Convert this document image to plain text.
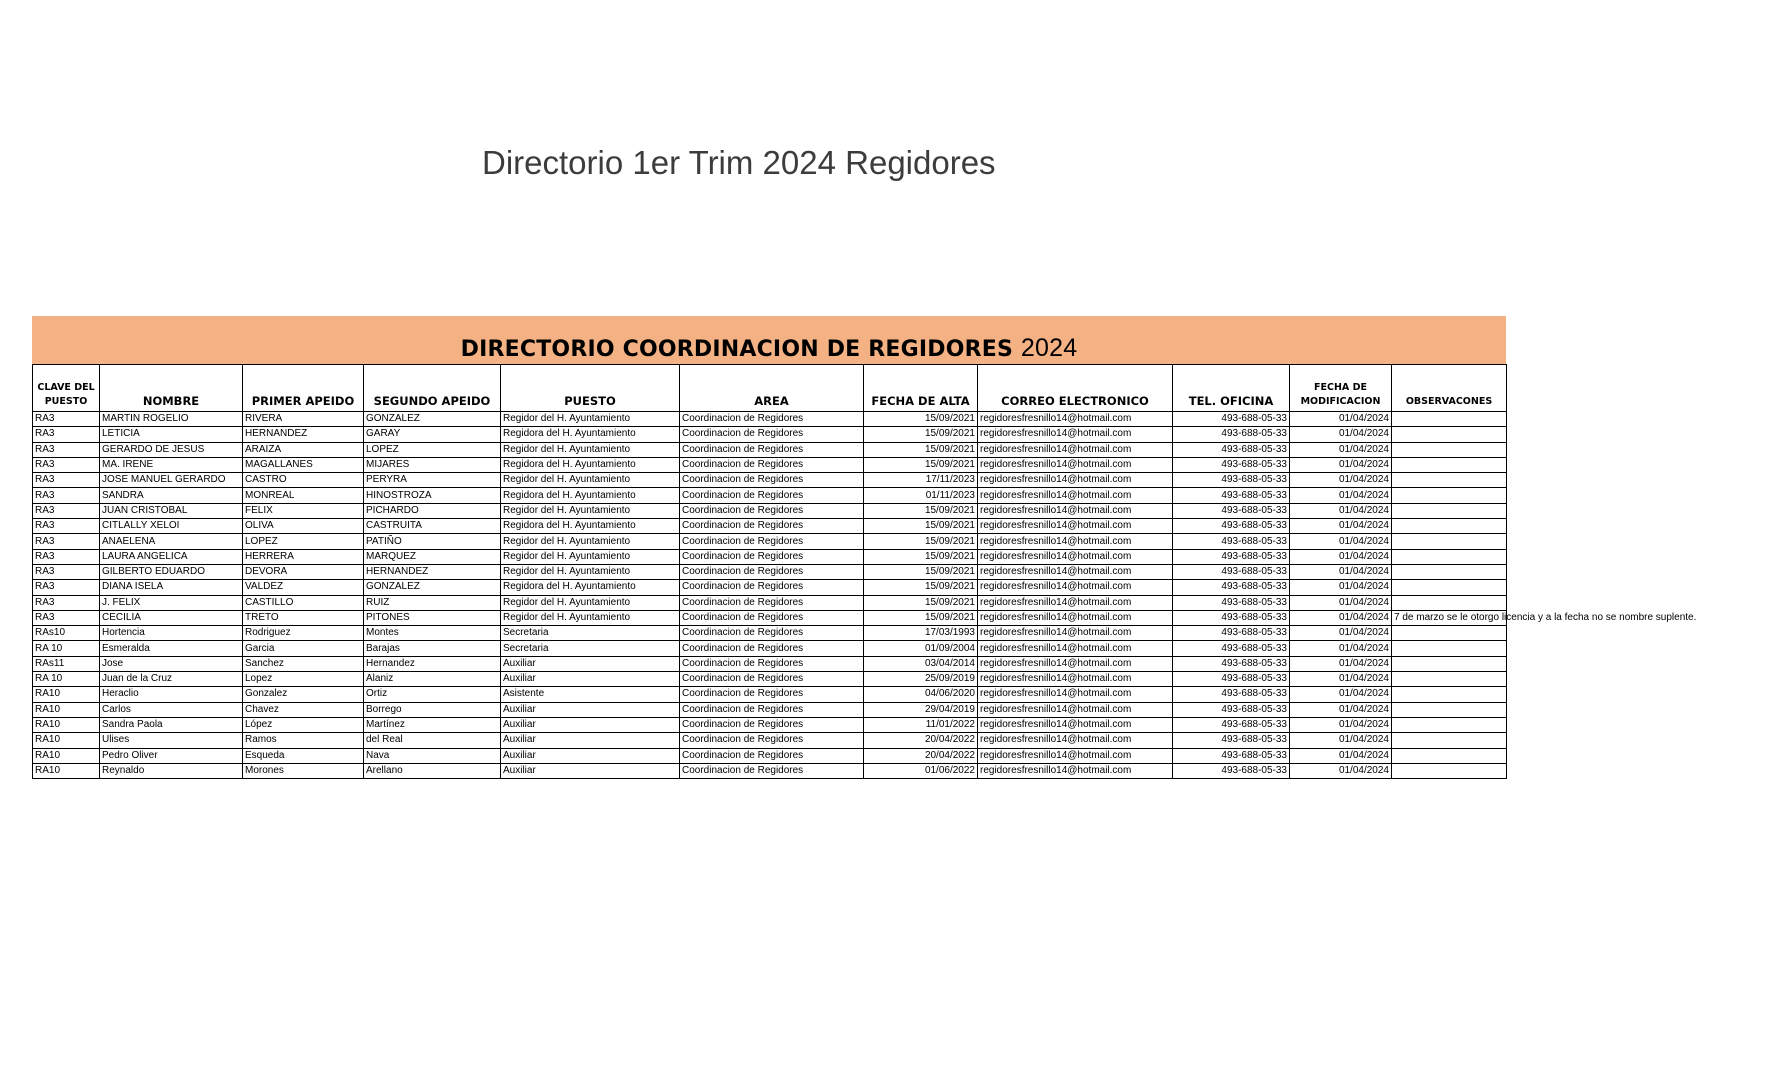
Directorio 1er Trim 2024 Regidores
DIRECTORIO COORDINACION DE REGIDORES 2024
CLAVE DEL PUESTO	NOMBRE	PRIMER APEIDO	SEGUNDO APEIDO	PUESTO	AREA	FECHA DE ALTA	CORREO ELECTRONICO	TEL. OFICINA	FECHA DE MODIFICACION	OBSERVACONES
RA3	MARTIN ROGELIO	RIVERA	GONZALEZ	Regidor del H. Ayuntamiento	Coordinacion de Regidores	15/09/2021	regidoresfresnillo14@hotmail.com	493-688-05-33	01/04/2024	
RA3	LETICIA	HERNANDEZ	GARAY	Regidora del H. Ayuntamiento	Coordinacion de Regidores	15/09/2021	regidoresfresnillo14@hotmail.com	493-688-05-33	01/04/2024	
RA3	GERARDO DE JESUS	ARAIZA	LOPEZ	Regidor del H. Ayuntamiento	Coordinacion de Regidores	15/09/2021	regidoresfresnillo14@hotmail.com	493-688-05-33	01/04/2024	
RA3	MA. IRENE	MAGALLANES	MIJARES	Regidora del H. Ayuntamiento	Coordinacion de Regidores	15/09/2021	regidoresfresnillo14@hotmail.com	493-688-05-33	01/04/2024	
RA3	JOSE MANUEL GERARDO	CASTRO	PERYRA	Regidor del H. Ayuntamiento	Coordinacion de Regidores	17/11/2023	regidoresfresnillo14@hotmail.com	493-688-05-33	01/04/2024	
RA3	SANDRA	MONREAL	HINOSTROZA	Regidora del H. Ayuntamiento	Coordinacion de Regidores	01/11/2023	regidoresfresnillo14@hotmail.com	493-688-05-33	01/04/2024	
RA3	JUAN CRISTOBAL	FELIX	PICHARDO	Regidor del H. Ayuntamiento	Coordinacion de Regidores	15/09/2021	regidoresfresnillo14@hotmail.com	493-688-05-33	01/04/2024	
RA3	CITLALLY XELOI	OLIVA	CASTRUITA	Regidora del H. Ayuntamiento	Coordinacion de Regidores	15/09/2021	regidoresfresnillo14@hotmail.com	493-688-05-33	01/04/2024	
RA3	ANAELENA	LOPEZ	PATIÑO	Regidor del H. Ayuntamiento	Coordinacion de Regidores	15/09/2021	regidoresfresnillo14@hotmail.com	493-688-05-33	01/04/2024	
RA3	LAURA ANGELICA	HERRERA	MARQUEZ	Regidor del H. Ayuntamiento	Coordinacion de Regidores	15/09/2021	regidoresfresnillo14@hotmail.com	493-688-05-33	01/04/2024	
RA3	GILBERTO EDUARDO	DEVORA	HERNANDEZ	Regidor del H. Ayuntamiento	Coordinacion de Regidores	15/09/2021	regidoresfresnillo14@hotmail.com	493-688-05-33	01/04/2024	
RA3	DIANA ISELA	VALDEZ	GONZALEZ	Regidora del H. Ayuntamiento	Coordinacion de Regidores	15/09/2021	regidoresfresnillo14@hotmail.com	493-688-05-33	01/04/2024	
RA3	J. FELIX	CASTILLO	RUIZ	Regidor del H. Ayuntamiento	Coordinacion de Regidores	15/09/2021	regidoresfresnillo14@hotmail.com	493-688-05-33	01/04/2024	
RA3	CECILIA	TRETO	PITONES	Regidor del H. Ayuntamiento	Coordinacion de Regidores	15/09/2021	regidoresfresnillo14@hotmail.com	493-688-05-33	01/04/2024	7 de marzo se le otorgo licencia y a la fecha no se nombre suplente.
RAs10	Hortencia	Rodriguez	Montes	Secretaria	Coordinacion de Regidores	17/03/1993	regidoresfresnillo14@hotmail.com	493-688-05-33	01/04/2024	
RA 10	Esmeralda	Garcia	Barajas	Secretaria	Coordinacion de Regidores	01/09/2004	regidoresfresnillo14@hotmail.com	493-688-05-33	01/04/2024	
RAs11	Jose	Sanchez	Hernandez	Auxiliar	Coordinacion de Regidores	03/04/2014	regidoresfresnillo14@hotmail.com	493-688-05-33	01/04/2024	
RA 10	Juan de la Cruz	Lopez	Alaniz	Auxiliar	Coordinacion de Regidores	25/09/2019	regidoresfresnillo14@hotmail.com	493-688-05-33	01/04/2024	
RA10	Heraclio	Gonzalez	Ortiz	Asistente	Coordinacion de Regidores	04/06/2020	regidoresfresnillo14@hotmail.com	493-688-05-33	01/04/2024	
RA10	Carlos	Chavez	Borrego	Auxiliar	Coordinacion de Regidores	29/04/2019	regidoresfresnillo14@hotmail.com	493-688-05-33	01/04/2024	
RA10	Sandra Paola	López	Martínez	Auxiliar	Coordinacion de Regidores	11/01/2022	regidoresfresnillo14@hotmail.com	493-688-05-33	01/04/2024	
RA10	Ulises	Ramos	del Real	Auxiliar	Coordinacion de Regidores	20/04/2022	regidoresfresnillo14@hotmail.com	493-688-05-33	01/04/2024	
RA10	Pedro Oliver	Esqueda	Nava	Auxiliar	Coordinacion de Regidores	20/04/2022	regidoresfresnillo14@hotmail.com	493-688-05-33	01/04/2024	
RA10	Reynaldo	Morones	Arellano	Auxiliar	Coordinacion de Regidores	01/06/2022	regidoresfresnillo14@hotmail.com	493-688-05-33	01/04/2024	
